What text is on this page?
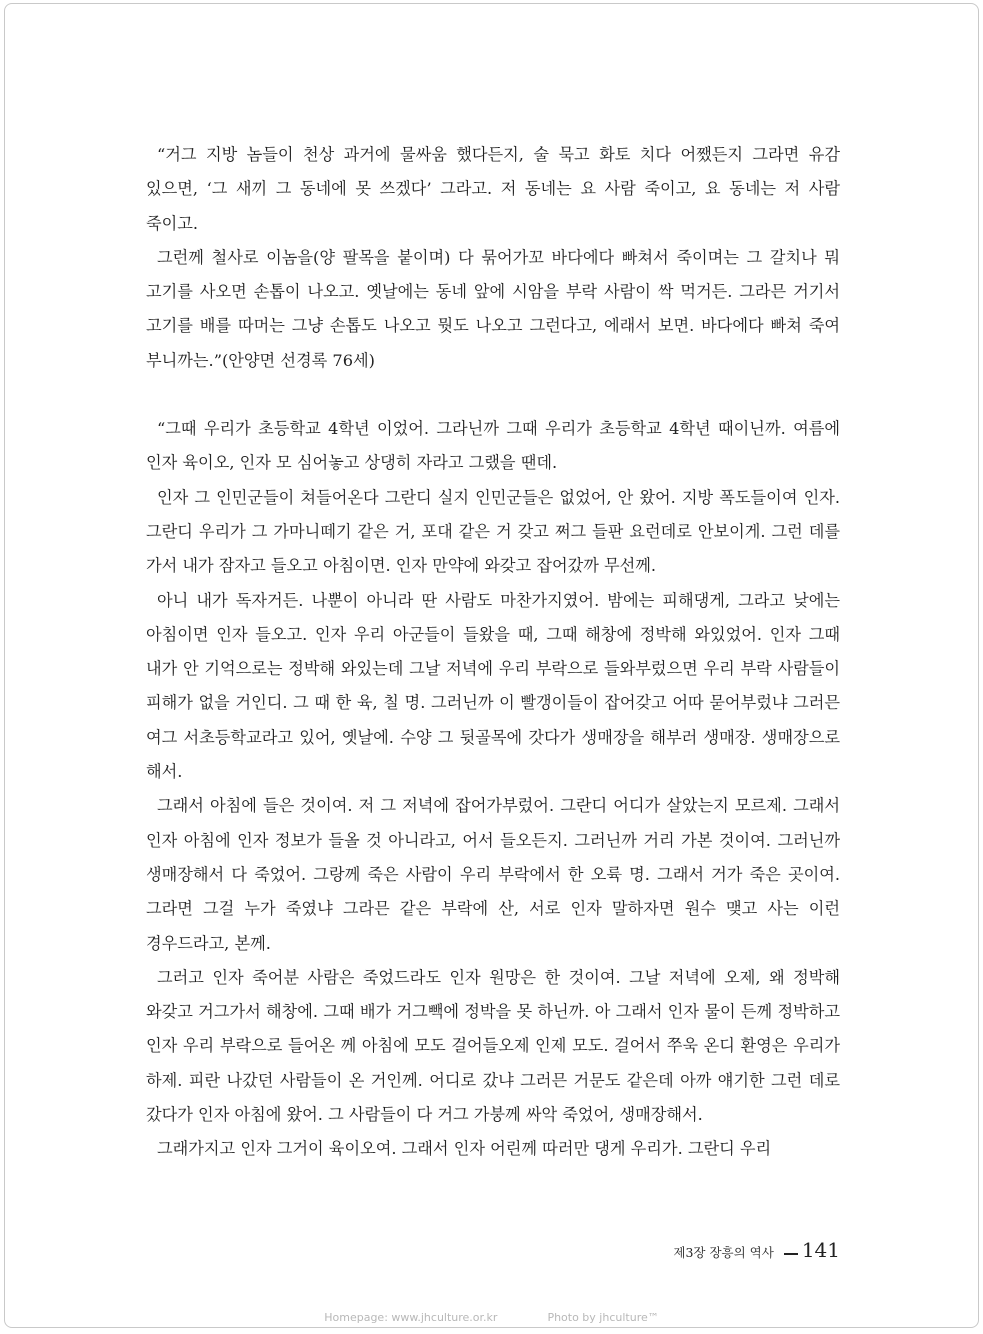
“거그 지방 놈들이 천상 과거에 물싸움 했다든지, 술 묵고 화토 치다 어쨌든지 그라면 유감 있으면, ‘그 새끼 그 동네에 못 쓰겠다’ 그라고. 저 동네는 요 사람 죽이고, 요 동네는 저 사람 죽이고.

그런께 철사로 이놈을(양 팔목을 붙이며) 다 묶어가꼬 바다에다 빠쳐서 죽이며는 그 갈치나 뭐 고기를 사오면 손톱이 나오고. 옛날에는 동네 앞에 시암을 부락 사람이 싹 먹거든. 그라믄 거기서 고기를 배를 따머는 그냥 손톱도 나오고 뭣도 나오고 그런다고, 에래서 보면. 바다에다 빠쳐 죽여 부니까는.”(안양면 선경록 76세)

“그때 우리가 초등학교 4학년 이었어. 그라닌까 그때 우리가 초등학교 4학년 때이닌까. 여름에 인자 육이오, 인자 모 심어놓고 상댕히 자라고 그랬을 땐데.

인자 그 인민군들이 쳐들어온다 그란디 실지 인민군들은 없었어, 안 왔어. 지방 폭도들이여 인자. 그란디 우리가 그 가마니떼기 같은 거, 포대 같은 거 갖고 쩌그 들판 요런데로 안보이게. 그런 데를 가서 내가 잠자고 들오고 아침이면. 인자 만약에 와갖고 잡어갔까 무선께.

아니 내가 독자거든. 나뿐이 아니라 딴 사람도 마찬가지였어. 밤에는 피해댕게, 그라고 낮에는 아침이면 인자 들오고. 인자 우리 아군들이 들왔을 때, 그때 해창에 정박해 와있었어. 인자 그때 내가 안 기억으로는 정박해 와있는데 그날 저녁에 우리 부락으로 들와부렀으면 우리 부락 사람들이 피해가 없을 거인디. 그 때 한 육, 칠 명. 그러닌까 이 빨갱이들이 잡어갖고 어따 묻어부렀냐 그러믄 여그 서초등학교라고 있어, 옛날에. 수양 그 뒷골목에 갓다가 생매장을 해부러 생매장. 생매장으로 해서.

그래서 아침에 들은 것이여. 저 그 저녁에 잡어가부렀어. 그란디 어디가 살았는지 모르제. 그래서 인자 아침에 인자 정보가 들올 것 아니라고, 어서 들오든지. 그러닌까 거리 가본 것이여. 그러닌까 생매장해서 다 죽었어. 그랑께 죽은 사람이 우리 부락에서 한 오륙 명. 그래서 거가 죽은 곳이여. 그라면 그걸 누가 죽였냐 그라믄 같은 부락에 산, 서로 인자 말하자면 원수 맺고 사는 이런 경우드라고, 본께.

그러고 인자 죽어분 사람은 죽었드라도 인자 원망은 한 것이여. 그날 저녁에 오제, 왜 정박해 와갖고 거그가서 해창에. 그때 배가 거그빽에 정박을 못 하닌까. 아 그래서 인자 물이 든께 정박하고 인자 우리 부락으로 들어온 께 아침에 모도 걸어들오제 인제 모도. 걸어서 쭈욱 온디 환영은 우리가 하제. 피란 나갔던 사람들이 온 거인께. 어디로 갔냐 그러믄 거문도 같은데 아까 얘기한 그런 데로 갔다가 인자 아침에 왔어. 그 사람들이 다 거그 가붕께 싸악 죽었어, 생매장해서.

그래가지고 인자 그거이 육이오여. 그래서 인자 어린께 따러만 댕게 우리가. 그란디 우리

제3장 장흥의 역사 141
Homepage: www.jhculture.or.kr	Photo by jhculture™
